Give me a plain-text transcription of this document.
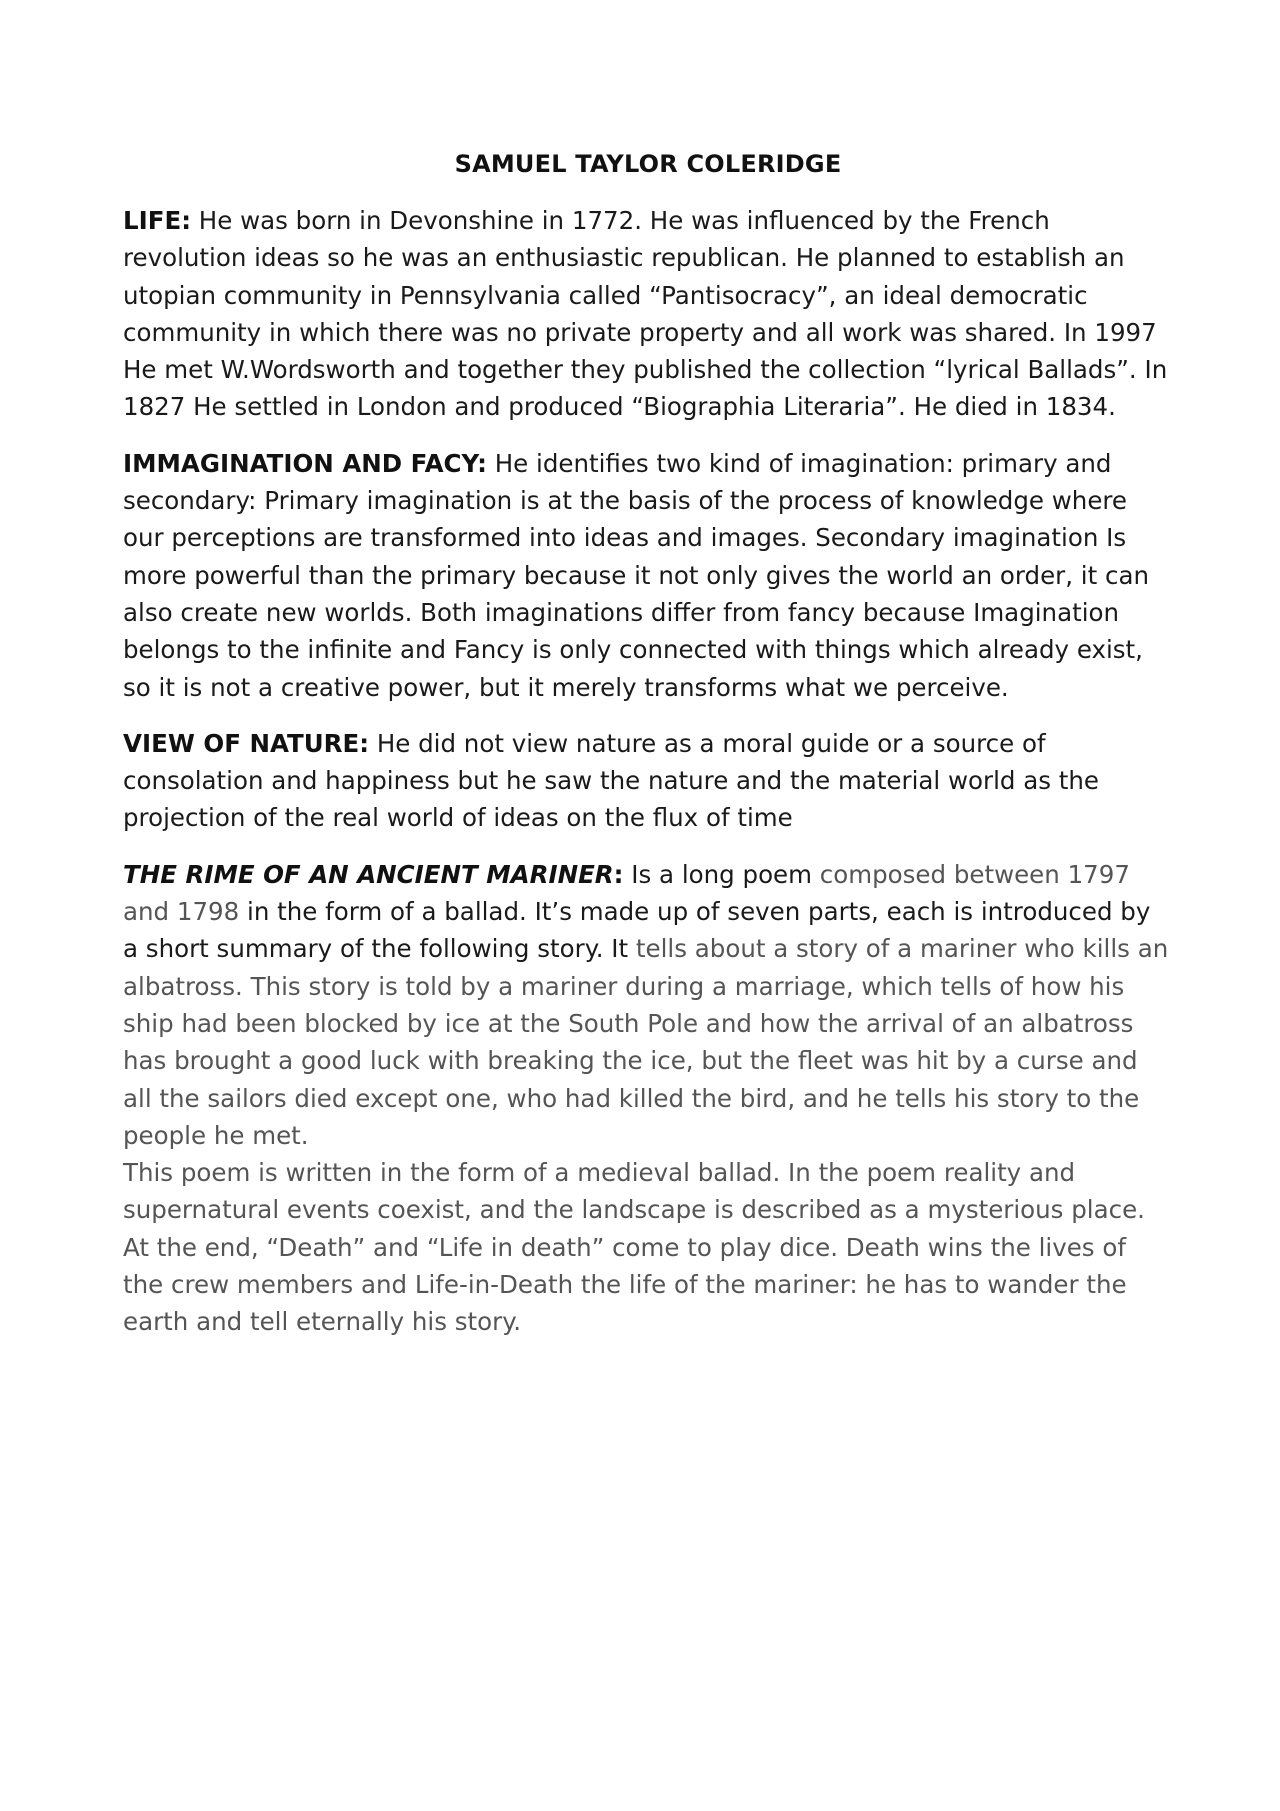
SAMUEL TAYLOR COLERIDGE

LIFE: He was born in Devonshine in 1772. He was influenced by the French revolution ideas so he was an enthusiastic republican. He planned to establish an utopian community in Pennsylvania called “Pantisocracy”, an ideal democratic community in which there was no private property and all work was shared. In 1997 He met W.Wordsworth and together they published the collection “lyrical Ballads”. In 1827 He settled in London and produced “Biographia Literaria”. He died in 1834.

IMMAGINATION AND FACY: He identifies two kind of imagination: primary and secondary: Primary imagination is at the basis of the process of knowledge where our perceptions are transformed into ideas and images. Secondary imagination Is more powerful than the primary because it not only gives the world an order, it can also create new worlds. Both imaginations differ from fancy because Imagination belongs to the infinite and Fancy is only connected with things which already exist, so it is not a creative power, but it merely transforms what we perceive.

VIEW OF NATURE: He did not view nature as a moral guide or a source of consolation and happiness but he saw the nature and the material world as the projection of the real world of ideas on the flux of time

THE RIME OF AN ANCIENT MARINER: Is a long poem composed between 1797 and 1798 in the form of a ballad. It’s made up of seven parts, each is introduced by a short summary of the following story. It tells about a story of a mariner who kills an albatross. This story is told by a mariner during a marriage, which tells of how his ship had been blocked by ice at the South Pole and how the arrival of an albatross has brought a good luck with breaking the ice, but the fleet was hit by a curse and all the sailors died except one, who had killed the bird, and he tells his story to the people he met.

This poem is written in the form of a medieval ballad. In the poem reality and supernatural events coexist, and the landscape is described as a mysterious place.

At the end, “Death” and “Life in death” come to play dice. Death wins the lives of the crew members and Life-in-Death the life of the mariner: he has to wander the earth and tell eternally his story.
